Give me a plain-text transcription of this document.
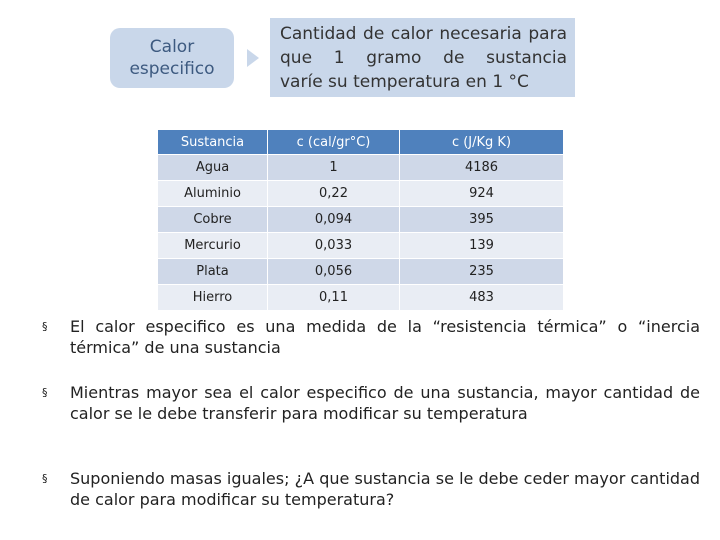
Calor
especifico
Cantidad de calor necesaria para que 1 gramo de sustancia
varíe su temperatura en 1 °C
Sustancia	c (cal/gr°C)	c (J/Kg K)
Agua	1	4186
Aluminio	0,22	924
Cobre	0,094	395
Mercurio	0,033	139
Plata	0,056	235
Hierro	0,11	483
§ El calor especifico es una medida de la “resistencia térmica” o “inercia térmica” de una sustancia
§ Mientras mayor sea el calor especifico de una sustancia, mayor cantidad de calor se le debe transferir para modificar su temperatura
§ Suponiendo masas iguales; ¿A que sustancia se le debe ceder mayor cantidad de calor para modificar su temperatura?
